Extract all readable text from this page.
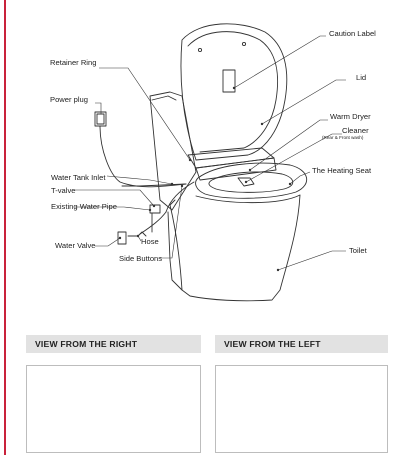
Caution Label
Retainer Ring
Lid
Power plug
Warm Dryer
Cleaner
(Rear & Front wash)
The Heating Seat
Water Tank Inlet
T-valve
Existing Water Pipe
Water Valve	Hose
Side Buttons
Toilet
VIEW FROM THE RIGHT	VIEW FROM THE LEFT
